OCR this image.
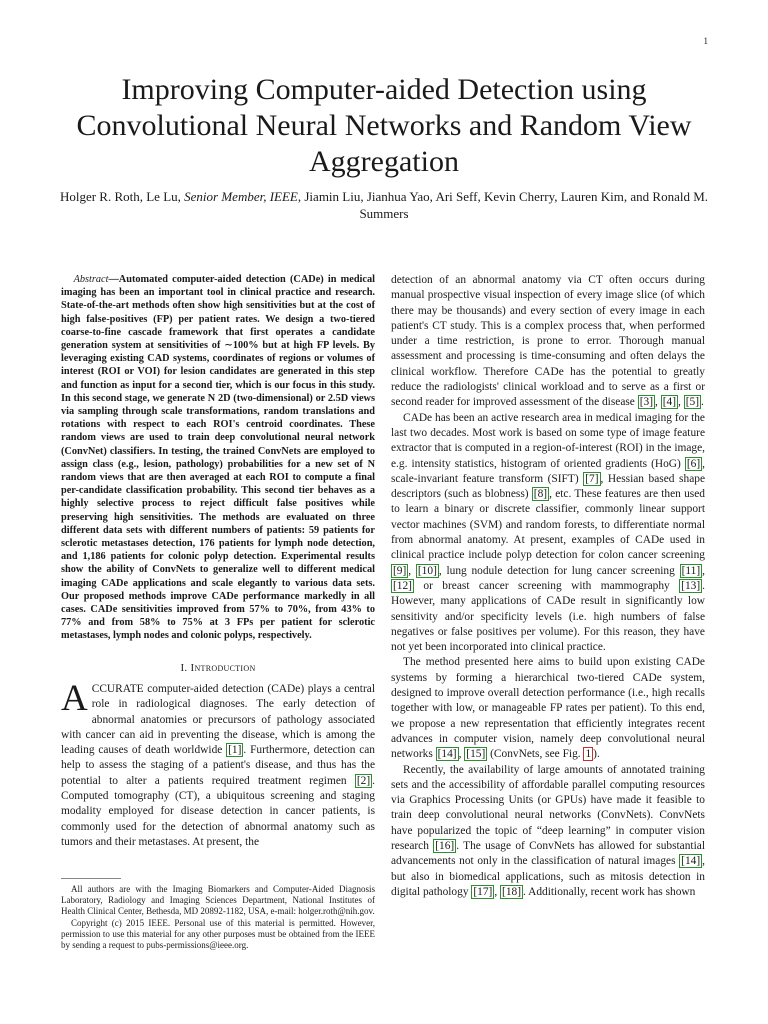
1
Improving Computer-aided Detection using Convolutional Neural Networks and Random View Aggregation
Holger R. Roth, Le Lu, Senior Member, IEEE, Jiamin Liu, Jianhua Yao, Ari Seff, Kevin Cherry, Lauren Kim, and Ronald M. Summers

Abstract—Automated computer-aided detection (CADe) in medical imaging has been an important tool in clinical practice and research. State-of-the-art methods often show high sensitivities but at the cost of high false-positives (FP) per patient rates. We design a two-tiered coarse-to-fine cascade framework that first operates a candidate generation system at sensitivities of ∼100% but at high FP levels. By leveraging existing CAD systems, coordinates of regions or volumes of interest (ROI or VOI) for lesion candidates are generated in this step and function as input for a second tier, which is our focus in this study. In this second stage, we generate N 2D (two-dimensional) or 2.5D views via sampling through scale transformations, random translations and rotations with respect to each ROI's centroid coordinates. These random views are used to train deep convolutional neural network (ConvNet) classifiers. In testing, the trained ConvNets are employed to assign class (e.g., lesion, pathology) probabilities for a new set of N random views that are then averaged at each ROI to compute a final per-candidate classification probability. This second tier behaves as a highly selective process to reject difficult false positives while preserving high sensitivities. The methods are evaluated on three different data sets with different numbers of patients: 59 patients for sclerotic metastases detection, 176 patients for lymph node detection, and 1,186 patients for colonic polyp detection. Experimental results show the ability of ConvNets to generalize well to different medical imaging CADe applications and scale elegantly to various data sets. Our proposed methods improve CADe performance markedly in all cases. CADe sensitivities improved from 57% to 70%, from 43% to 77% and from 58% to 75% at 3 FPs per patient for sclerotic metastases, lymph nodes and colonic polyps, respectively.

I. Introduction

ACCURATE computer-aided detection (CADe) plays a central role in radiological diagnoses. The early detection of abnormal anatomies or precursors of pathology associated with cancer can aid in preventing the disease, which is among the leading causes of death worldwide [1] . Furthermore, detection can help to assess the staging of a patient's disease, and thus has the potential to alter a patients required treatment regimen [2] . Computed tomography (CT), a ubiquitous screening and staging modality employed for disease detection in cancer patients, is commonly used for the detection of abnormal anatomy such as tumors and their metastases. At present, the

All authors are with the Imaging Biomarkers and Computer-Aided Diagnosis Laboratory, Radiology and Imaging Sciences Department, National Institutes of Health Clinical Center, Bethesda, MD 20892-1182, USA, e-mail: holger.roth@nih.gov.

Copyright (c) 2015 IEEE. Personal use of this material is permitted. However, permission to use this material for any other purposes must be obtained from the IEEE by sending a request to pubs-permissions@ieee.org.

detection of an abnormal anatomy via CT often occurs during manual prospective visual inspection of every image slice (of which there may be thousands) and every section of every image in each patient's CT study. This is a complex process that, when performed under a time restriction, is prone to error. Thorough manual assessment and processing is time-consuming and often delays the clinical workflow. Therefore CADe has the potential to greatly reduce the radiologists' clinical workload and to serve as a first or second reader for improved assessment of the disease [3] , [4] , [5] .

CADe has been an active research area in medical imaging for the last two decades. Most work is based on some type of image feature extractor that is computed in a region-of-interest (ROI) in the image, e.g. intensity statistics, histogram of oriented gradients (HoG) [6] , scale-invariant feature transform (SIFT) [7] , Hessian based shape descriptors (such as blobness) [8] , etc. These features are then used to learn a binary or discrete classifier, commonly linear support vector machines (SVM) and random forests, to differentiate normal from abnormal anatomy. At present, examples of CADe used in clinical practice include polyp detection for colon cancer screening [9] , [10] , lung nodule detection for lung cancer screening [11] , [12] or breast cancer screening with mammography [13] . However, many applications of CADe result in significantly low sensitivity and/or specificity levels (i.e. high numbers of false negatives or false positives per volume). For this reason, they have not yet been incorporated into clinical practice.

The method presented here aims to build upon existing CADe systems by forming a hierarchical two-tiered CADe system, designed to improve overall detection performance (i.e., high recalls together with low, or manageable FP rates per patient). To this end, we propose a new representation that efficiently integrates recent advances in computer vision, namely deep convolutional neural networks [14] , [15] (ConvNets, see Fig. 1 ).

Recently, the availability of large amounts of annotated training sets and the accessibility of affordable parallel computing resources via Graphics Processing Units (or GPUs) have made it feasible to train deep convolutional neural networks (ConvNets). ConvNets have popularized the topic of “deep learning” in computer vision research [16] . The usage of ConvNets has allowed for substantial advancements not only in the classification of natural images [14] , but also in biomedical applications, such as mitosis detection in digital pathology [17] , [18] . Additionally, recent work has shown
